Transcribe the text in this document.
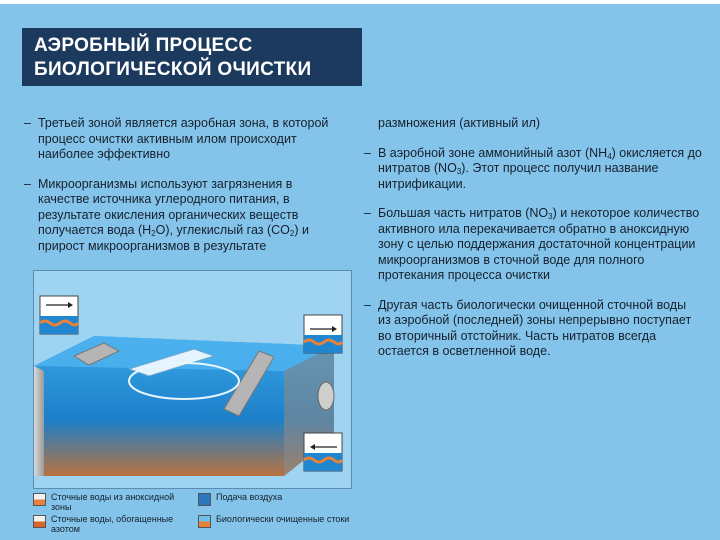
АЭРОБНЫЙ ПРОЦЕСС
БИОЛОГИЧЕСКОЙ ОЧИСТКИ
– Третьей зоной является аэробная зона, в которой процесс очистки активным илом происходит наиболее эффективно
– Микроорганизмы используют загрязнения в качестве источника углеродного питания, в результате окисления органических веществ получается вода $(H_2O)$, углекислый газ $(CO_2)$ и прирост микроорганизмов в результате
размножения (активный ил)
– В аэробной зоне аммонийный азот $(NH_4)$ окисляется до нитратов $(NO_3)$. Этот процесс получил название нитрификации.
– Большая часть нитратов $(NO_3)$ и некоторое количество активного ила перекачивается обратно в аноксидную зону с целью поддержания достаточной концентрации микроорганизмов в сточной воде для полного протекания процесса очистки
– Другая часть биологически очищенной сточной воды из аэробной (последней) зоны непрерывно поступает во вторичный отстойник. Часть нитратов всегда остается в осветленной воде.
Сточные воды из аноксидной зоны
Сточные воды, обогащенные азотом
Подача воздуха
Биологически очищенные стоки
